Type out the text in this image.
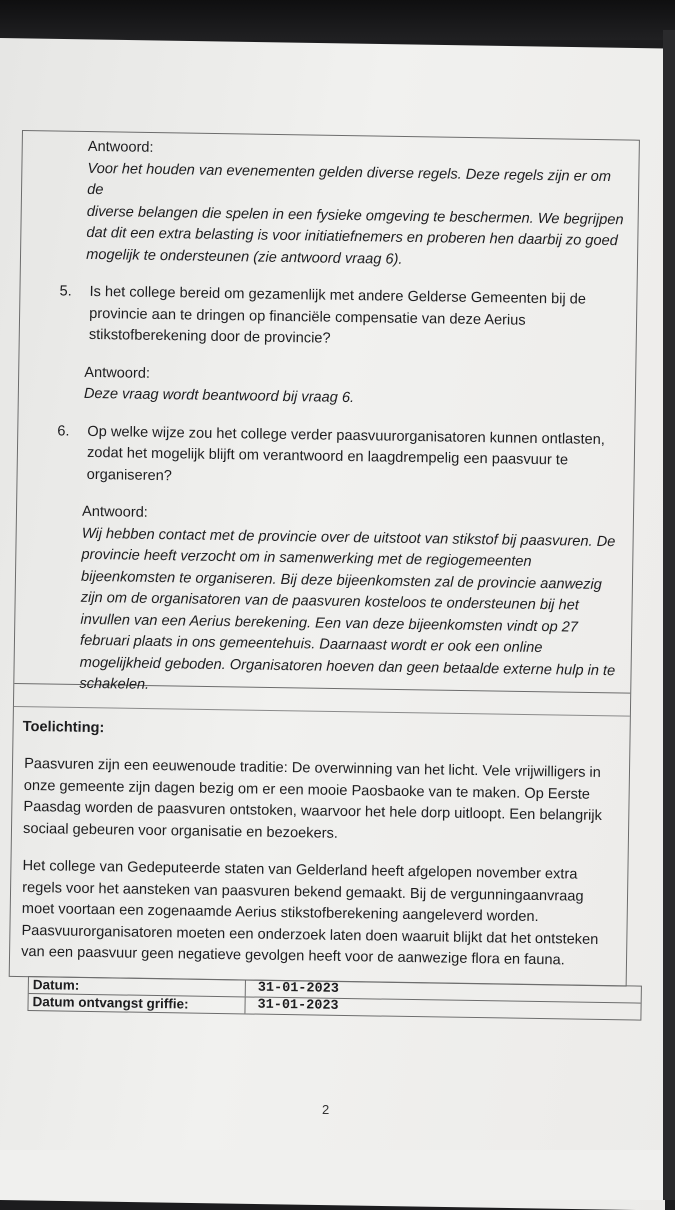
Antwoord:
Voor het houden van evenementen gelden diverse regels. Deze regels zijn er om de
diverse belangen die spelen in een fysieke omgeving te beschermen. We begrijpen
dat dit een extra belasting is voor initiatiefnemers en proberen hen daarbij zo goed
mogelijk te ondersteunen (zie antwoord vraag 6).
5.	Is het college bereid om gezamenlijk met andere Gelderse Gemeenten bij de
provincie aan te dringen op financiële compensatie van deze Aerius
stikstofberekening door de provincie?
Antwoord:
Deze vraag wordt beantwoord bij vraag 6.
6.	Op welke wijze zou het college verder paasvuurorganisatoren kunnen ontlasten,
zodat het mogelijk blijft om verantwoord en laagdrempelig een paasvuur te
organiseren?
Antwoord:
Wij hebben contact met de provincie over de uitstoot van stikstof bij paasvuren. De
provincie heeft verzocht om in samenwerking met de regiogemeenten
bijeenkomsten te organiseren. Bij deze bijeenkomsten zal de provincie aanwezig
zijn om de organisatoren van de paasvuren kosteloos te ondersteunen bij het
invullen van een Aerius berekening. Een van deze bijeenkomsten vindt op 27
februari plaats in ons gemeentehuis. Daarnaast wordt er ook een online
mogelijkheid geboden. Organisatoren hoeven dan geen betaalde externe hulp in te
schakelen.
Toelichting:
Paasvuren zijn een eeuwenoude traditie: De overwinning van het licht. Vele vrijwilligers in
onze gemeente zijn dagen bezig om er een mooie Paosbaoke van te maken. Op Eerste
Paasdag worden de paasvuren ontstoken, waarvoor het hele dorp uitloopt. Een belangrijk
sociaal gebeuren voor organisatie en bezoekers.
Het college van Gedeputeerde staten van Gelderland heeft afgelopen november extra
regels voor het aansteken van paasvuren bekend gemaakt. Bij de vergunningaanvraag
moet voortaan een zogenaamde Aerius stikstofberekening aangeleverd worden.
Paasvuurorganisatoren moeten een onderzoek laten doen waaruit blijkt dat het ontsteken
van een paasvuur geen negatieve gevolgen heeft voor de aanwezige flora en fauna.
Datum:	31-01-2023
Datum ontvangst griffie:	31-01-2023
2
